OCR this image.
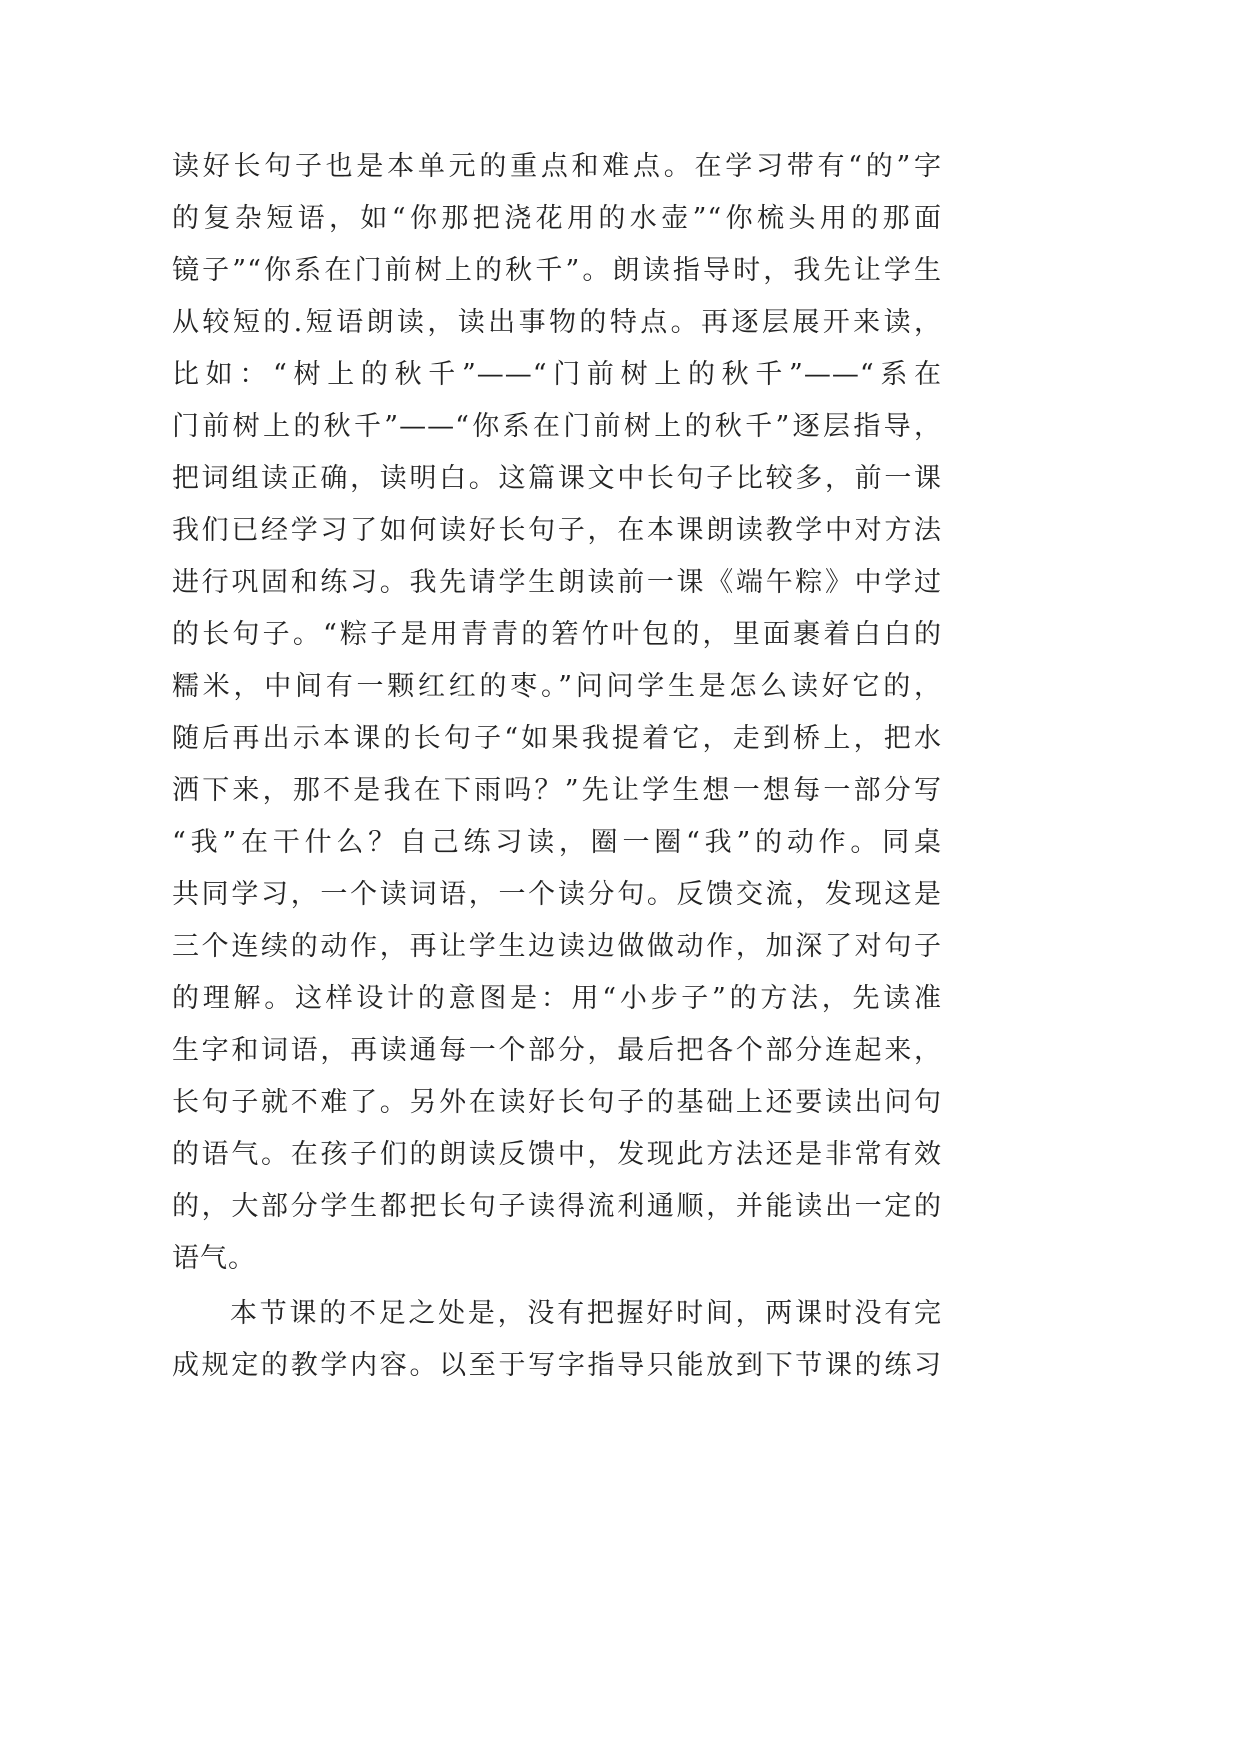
读好长句子也是本单元的重点和难点。在学习带有“的”字
的复杂短语，如“你那把浇花用的水壶”“你梳头用的那面
镜子”“你系在门前树上的秋千”。朗读指导时，我先让学生
从较短的.短语朗读，读出事物的特点。再逐层展开来读，
比如：“树上的秋千”——“门前树上的秋千”——“系在
门前树上的秋千”——“你系在门前树上的秋千”逐层指导，
把词组读正确，读明白。这篇课文中长句子比较多，前一课
我们已经学习了如何读好长句子，在本课朗读教学中对方法
进行巩固和练习。我先请学生朗读前一课《端午粽》中学过
的长句子。“粽子是用青青的箬竹叶包的，里面裹着白白的
糯米，中间有一颗红红的枣。”问问学生是怎么读好它的，
随后再出示本课的长句子“如果我提着它，走到桥上，把水
洒下来，那不是我在下雨吗？”先让学生想一想每一部分写
“我”在干什么？自己练习读，圈一圈“我”的动作。同桌
共同学习，一个读词语，一个读分句。反馈交流，发现这是
三个连续的动作，再让学生边读边做做动作，加深了对句子
的理解。这样设计的意图是：用“小步子”的方法，先读准
生字和词语，再读通每一个部分，最后把各个部分连起来，
长句子就不难了。另外在读好长句子的基础上还要读出问句
的语气。在孩子们的朗读反馈中，发现此方法还是非常有效
的，大部分学生都把长句子读得流利通顺，并能读出一定的
语气。
本节课的不足之处是，没有把握好时间，两课时没有完
成规定的教学内容。以至于写字指导只能放到下节课的练习
